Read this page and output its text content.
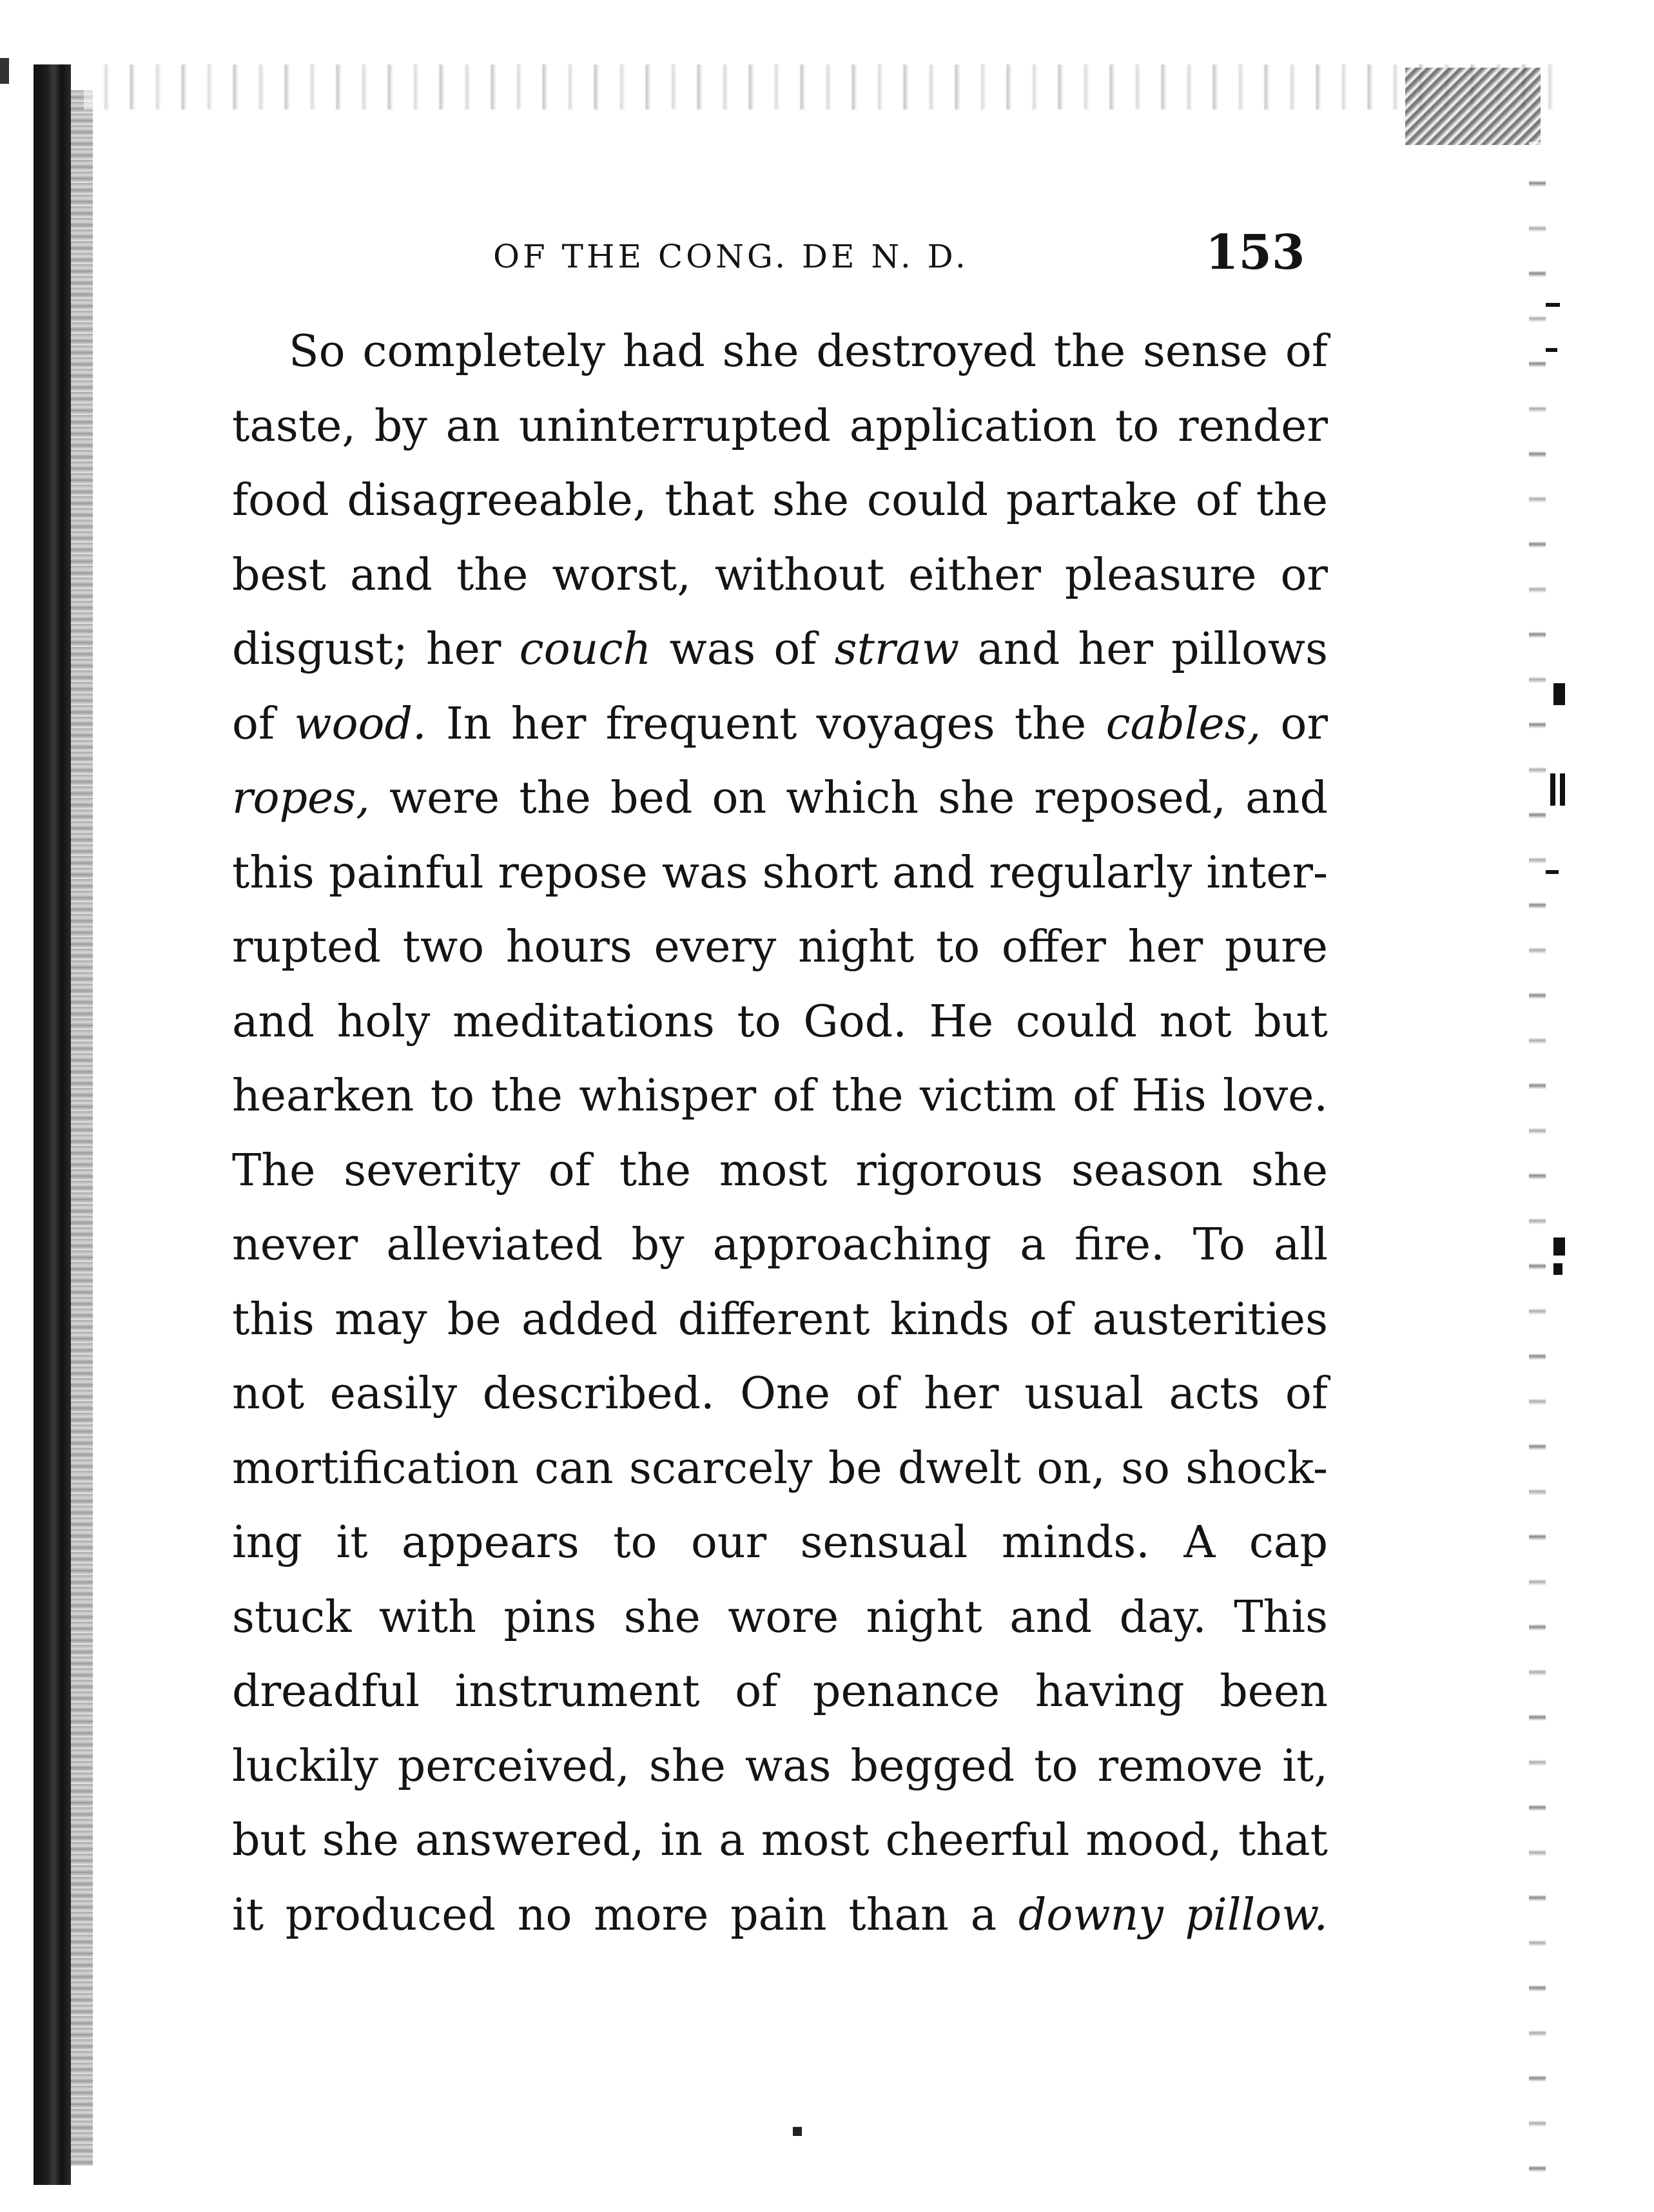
OF THE CONG. DE N. D.	153
So completely had she destroyed the sense of
taste, by an uninterrupted application to render
food disagreeable, that she could partake of the
best and the worst, without either pleasure or
disgust; her couch was of straw and her pillows
of wood. In her frequent voyages the cables, or
ropes, were the bed on which she reposed, and
this painful repose was short and regularly inter-
rupted two hours every night to offer her pure
and holy meditations to God. He could not but
hearken to the whisper of the victim of His love.
The severity of the most rigorous season she
never alleviated by approaching a fire. To all
this may be added different kinds of austerities
not easily described. One of her usual acts of
mortification can scarcely be dwelt on, so shock-
ing it appears to our sensual minds. A cap
stuck with pins she wore night and day. This
dreadful instrument of penance having been
luckily perceived, she was begged to remove it,
but she answered, in a most cheerful mood, that
it produced no more pain than a downy pillow.
